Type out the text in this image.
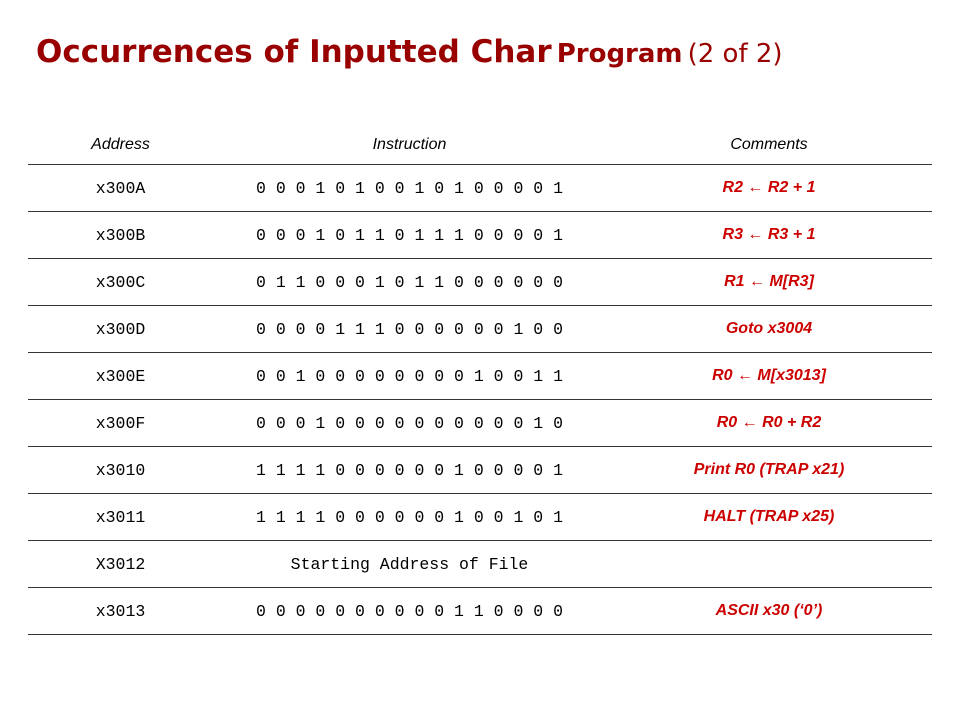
Occurrences of Inputted Char Program (2 of 2)
Address	Instruction	Comments
x300A	0 0 0 1 0 1 0 0 1 0 1 0 0 0 0 1	R2 ← R2 + 1
x300B	0 0 0 1 0 1 1 0 1 1 1 0 0 0 0 1	R3 ← R3 + 1
x300C	0 1 1 0 0 0 1 0 1 1 0 0 0 0 0 0	R1 ← M[R3]
x300D	0 0 0 0 1 1 1 0 0 0 0 0 0 1 0 0	Goto x3004
x300E	0 0 1 0 0 0 0 0 0 0 0 1 0 0 1 1	R0 ← M[x3013]
x300F	0 0 0 1 0 0 0 0 0 0 0 0 0 0 1 0	R0 ← R0 + R2
x3010	1 1 1 1 0 0 0 0 0 0 1 0 0 0 0 1	Print R0 (TRAP x21)
x3011	1 1 1 1 0 0 0 0 0 0 1 0 0 1 0 1	HALT (TRAP x25)
X3012	Starting Address of File	
x3013	0 0 0 0 0 0 0 0 0 0 1 1 0 0 0 0	ASCII x30 (‘0’)
